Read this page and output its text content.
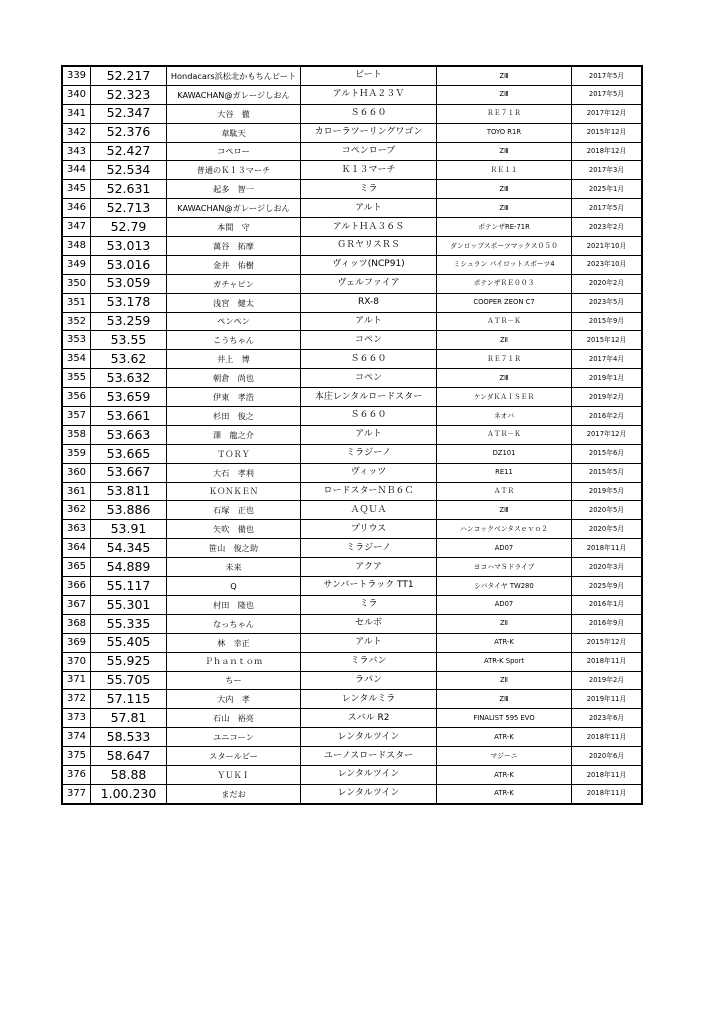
339	52.217	Hondacars浜松北かもちんビート	ビート	ZⅢ	2017年5月
340	52.323	KAWACHAN@ガレージしおん	アルトＨＡ２３Ｖ	ZⅢ	2017年5月
341	52.347	大谷　徹	Ｓ６６０	ＲＥ７１Ｒ	2017年12月
342	52.376	韋駄天	カローラツーリングワゴン	TOYO R1R	2015年12月
343	52.427	コペロー	コペンローブ	ZⅢ	2018年12月
344	52.534	普通のＫ１３マーチ	Ｋ１３マーチ	ＲＥ１１	2017年3月
345	52.631	起多　智一	ミラ	ZⅢ	2025年1月
346	52.713	KAWACHAN@ガレージしおん	アルト	ZⅢ	2017年5月
347	52.79	本間　守	アルトＨＡ３６Ｓ	ポテンザRE-71R	2023年2月
348	53.013	萬谷　拓摩	ＧＲヤリスＲＳ	ダンロップスポーツマックス０５０	2021年10月
349	53.016	金井　佑樹	ヴィッツ(NCP91)	ミシュラン パイロットスポーツ4	2023年10月
350	53.059	ガチャピン	ヴェルファイア	ポテンザＲＥ００３	2020年2月
351	53.178	浅宮　健太	RX-8	COOPER ZEON C7	2023年5月
352	53.259	ペンペン	アルト	ＡＴＲ－Ｋ	2015年9月
353	53.55	こうちゃん	コペン	ZⅡ	2015年12月
354	53.62	井上　博	Ｓ６６０	ＲＥ７１Ｒ	2017年4月
355	53.632	朝倉　尚也	コペン	ZⅢ	2019年1月
356	53.659	伊東　孝浩	本庄レンタルロードスター	ケンダＫＡＩＳＥＲ	2019年2月
357	53.661	杉田　俊之	Ｓ６６０	ネオバ	2016年2月
358	53.663	澤　龍之介	アルト	ＡＴＲ－Ｋ	2017年12月
359	53.665	ＴＯＲＹ	ミラジーノ	DZ101	2015年6月
360	53.667	大石　孝利	ヴィッツ	RE11	2015年5月
361	53.811	ＫＯＮＫＥＮ	ロードスターＮＢ６Ｃ	ＡＴＲ	2019年5月
362	53.886	石塚　正也	ＡＱＵＡ	ZⅢ	2020年5月
363	53.91	矢吹　備也	プリウス	ハンコックベンタスｅｖｏ２	2020年5月
364	54.345	笹山　俊之助	ミラジーノ	AD07	2018年11月
365	54.889	未来	アクア	ヨコハマＳドライブ	2020年3月
366	55.117	Q	サンバートラック TT1	シバタイヤ TW280	2025年9月
367	55.301	村田　隆也	ミラ	AD07	2016年1月
368	55.335	なっちゃん	セルボ	ZⅡ	2016年9月
369	55.405	林　幸正	アルト	ATR-K	2015年12月
370	55.925	Ｐｈａｎｔｏｍ	ミラバン	ATR-K Sport	2018年11月
371	55.705	ちー	ラパン	ZⅡ	2019年2月
372	57.115	大内　孝	レンタルミラ	ZⅢ	2019年11月
373	57.81	石山　裕亮	スバル R2	FINALIST 595 EVO	2023年6月
374	58.533	ユニコーン	レンタルツイン	ATR-K	2018年11月
375	58.647	スタールビー	ユーノスロードスター	マジーニ	2020年6月
376	58.88	ＹＵＫＩ	レンタルツイン	ATR-K	2018年11月
377	1.00.230	まだお	レンタルツイン	ATR-K	2018年11月
